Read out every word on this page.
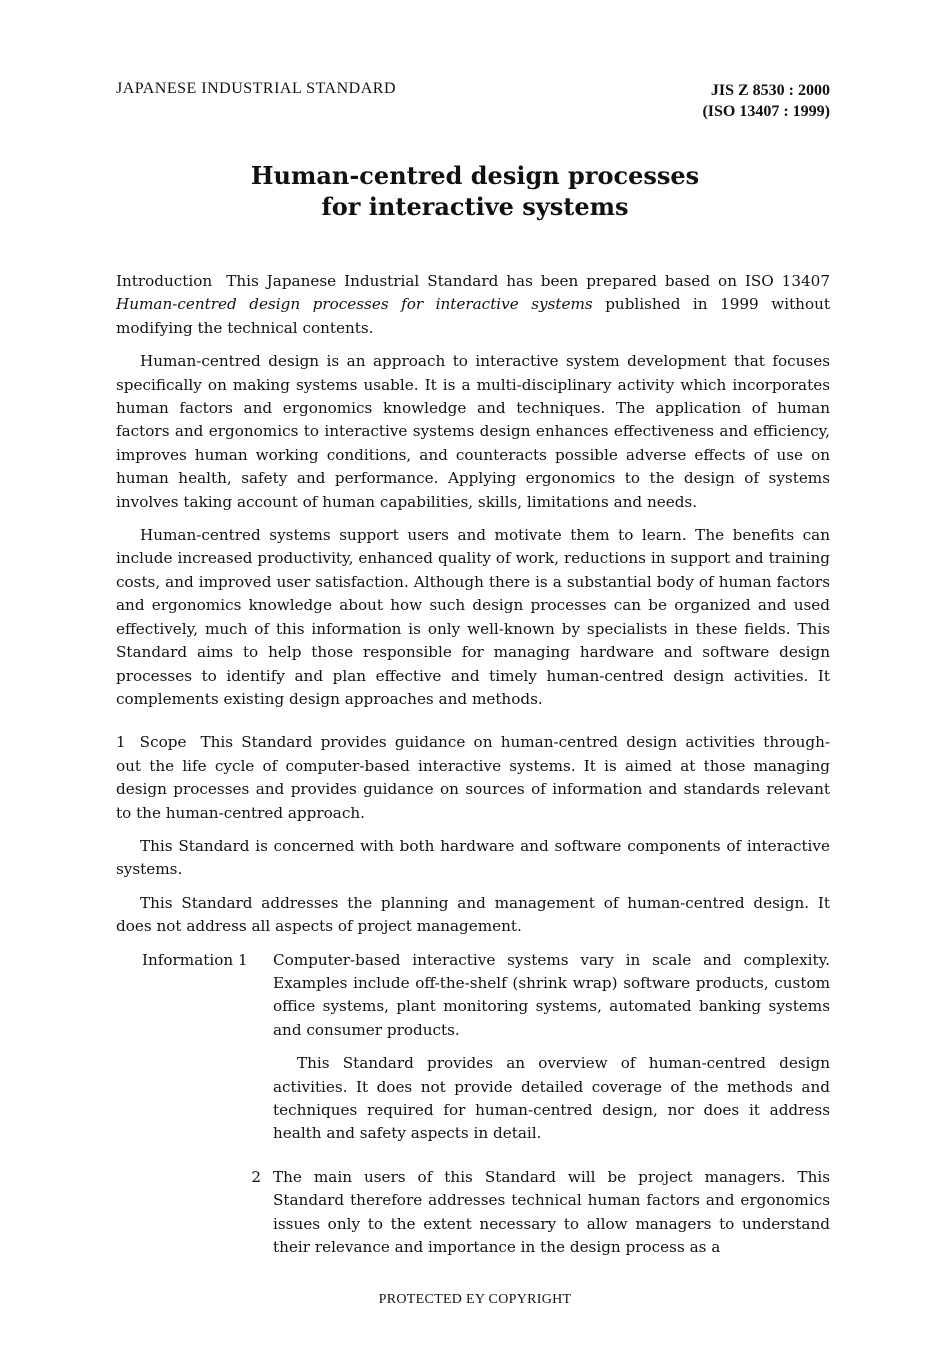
JAPANESE INDUSTRIAL STANDARD	JIS Z 8530 : 2000
(ISO 13407 : 1999)
Human-centred design processes
for interactive systems

Introduction This Japanese Industrial Standard has been prepared based on ISO 13407 Human-centred design processes for interactive systems published in 1999 without modifying the technical contents.

Human-centred design is an approach to interactive system development that focuses specifically on making systems usable. It is a multi-disciplinary activity which incorporates human factors and ergonomics knowledge and techniques. The application of human factors and ergonomics to interactive systems design enhances effectiveness and efficiency, improves human working conditions, and counteracts possible adverse effects of use on human health, safety and performance. Applying ergonomics to the design of systems involves taking account of human capabilities, skills, limitations and needs.

Human-centred systems support users and motivate them to learn. The benefits can include increased productivity, enhanced quality of work, reductions in support and training costs, and improved user satisfaction. Although there is a substantial body of human factors and ergonomics knowledge about how such design processes can be organized and used effectively, much of this information is only well-known by specialists in these fields. This Standard aims to help those responsible for managing hardware and software design processes to identify and plan effective and timely human-centred design activities. It complements existing design approaches and methods.

1 Scope This Standard provides guidance on human-centred design activities through- out the life cycle of computer-based interactive systems. It is aimed at those managing design processes and provides guidance on sources of information and standards relevant to the human-centred approach.

This Standard is concerned with both hardware and software components of interactive systems.

This Standard addresses the planning and management of human-centred design. It does not address all aspects of project management.

Information
1 Computer-based interactive systems vary in scale and complexity. Examples include off-the-shelf (shrink wrap) software products, custom office systems, plant monitoring systems, automated banking systems and consumer products.

This Standard provides an overview of human-centred design activities. It does not provide detailed coverage of the methods and techniques required for human-centred design, nor does it address health and safety aspects in detail.

2 The main users of this Standard will be project managers. This Standard therefore addresses technical human factors and ergonomics issues only to the extent necessary to allow managers to understand their relevance and importance in the design process as a

PROTECTED EY COPYRIGHT
